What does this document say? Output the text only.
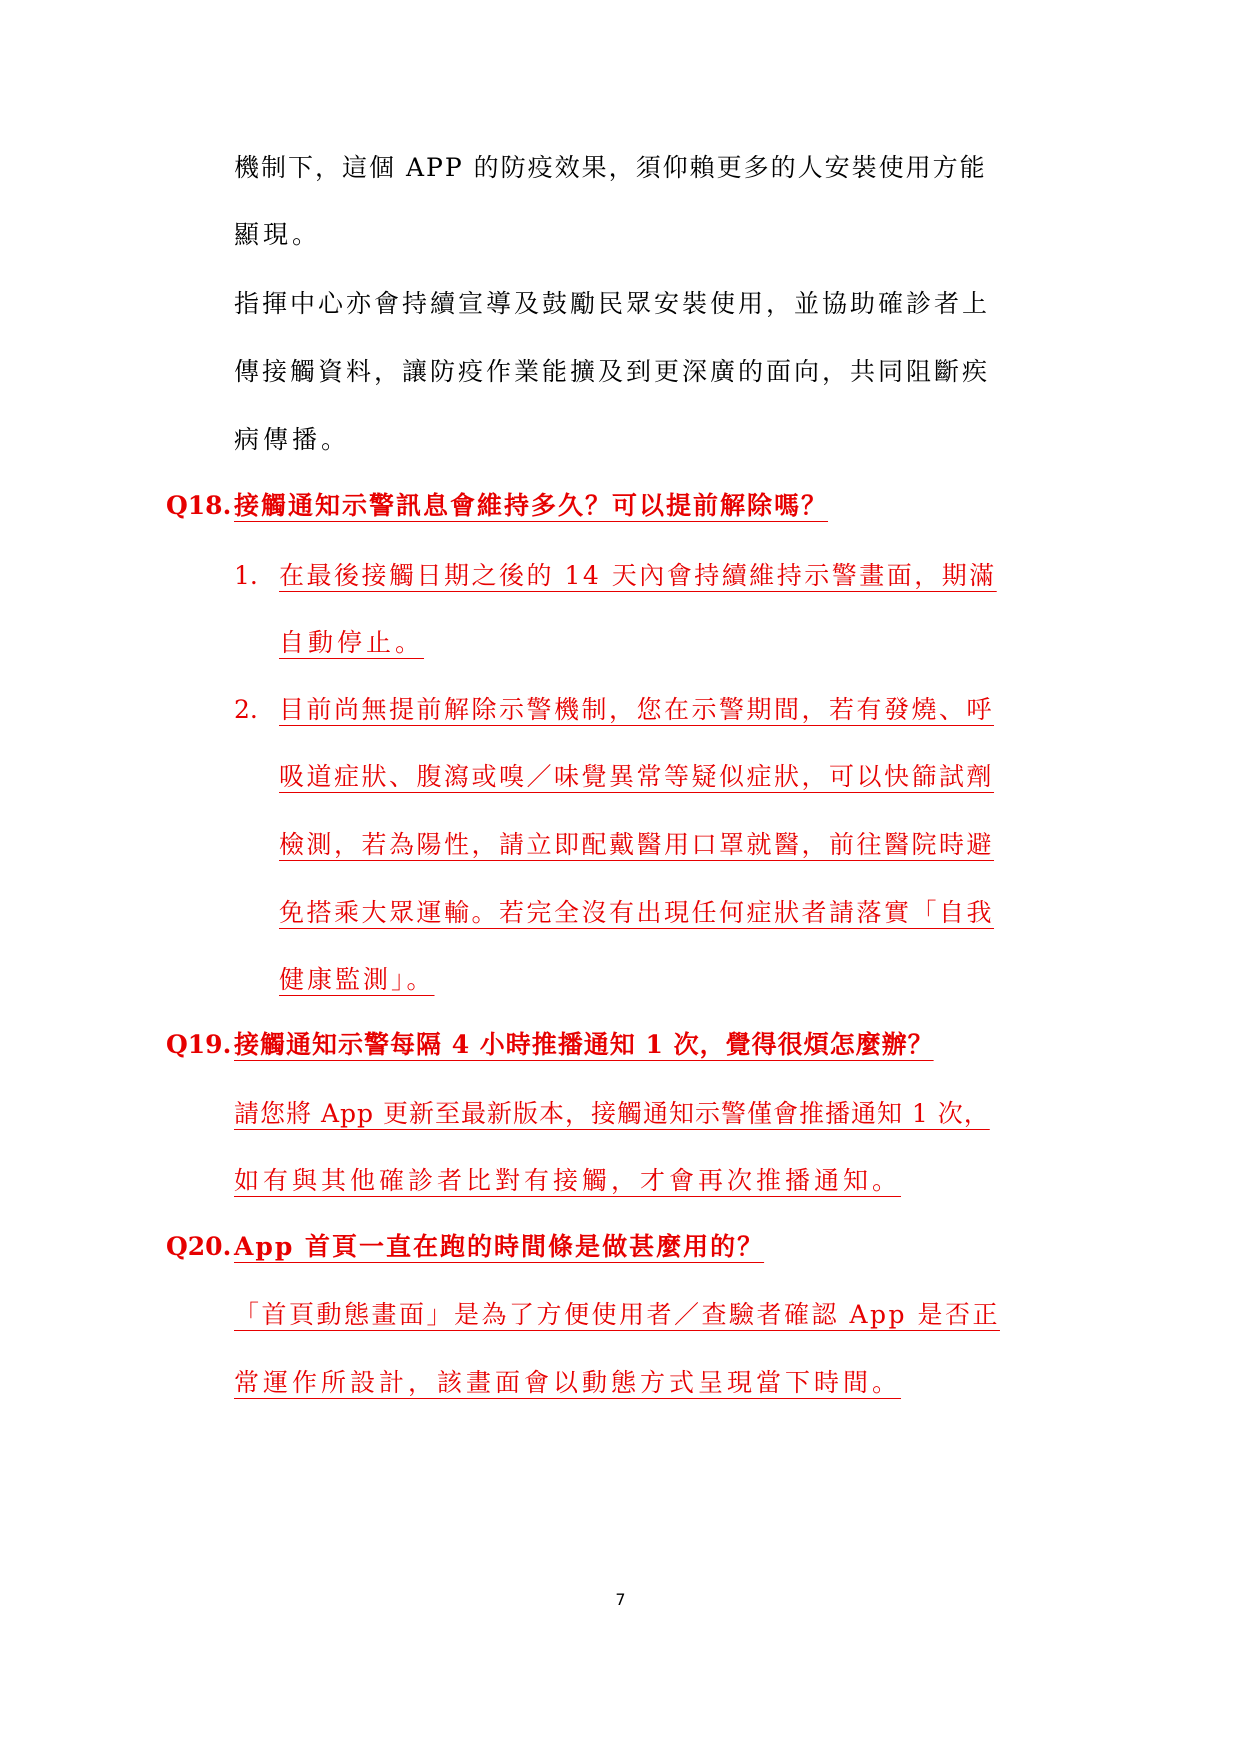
機制下，這個 APP 的防疫效果，須仰賴更多的人安裝使用方能
顯現。
指揮中心亦會持續宣導及鼓勵民眾安裝使用，並協助確診者上
傳接觸資料，讓防疫作業能擴及到更深廣的面向，共同阻斷疾
病傳播。
Q18. 接觸通知示警訊息會維持多久？可以提前解除嗎？
1. 在最後接觸日期之後的 14 天內會持續維持示警畫面，期滿
自動停止。
2. 目前尚無提前解除示警機制，您在示警期間，若有發燒、呼
吸道症狀、腹瀉或嗅／味覺異常等疑似症狀，可以快篩試劑
檢測，若為陽性，請立即配戴醫用口罩就醫，前往醫院時避
免搭乘大眾運輸。若完全沒有出現任何症狀者請落實「自我
健康監測」。
Q19. 接觸通知示警每隔 4 小時推播通知 1 次，覺得很煩怎麼辦？
請您將 App 更新至最新版本，接觸通知示警僅會推播通知 1 次，
如有與其他確診者比對有接觸，才會再次推播通知。
Q20. App 首頁一直在跑的時間條是做甚麼用的？
「首頁動態畫面」是為了方便使用者／查驗者確認 App 是否正
常運作所設計，該畫面會以動態方式呈現當下時間。
7
